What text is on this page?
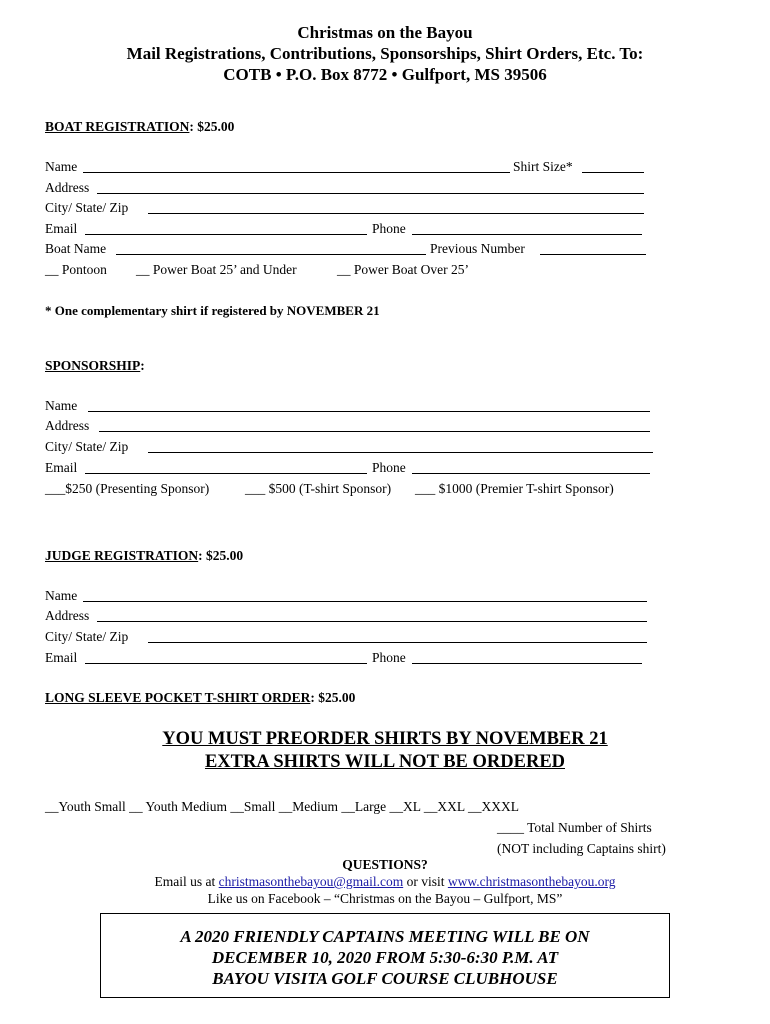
Christmas on the Bayou
Mail Registrations, Contributions, Sponsorships, Shirt Orders, Etc. To:
COTB • P.O. Box 8772 • Gulfport, MS 39506
BOAT REGISTRATION: $25.00
Name	Shirt Size*
Address
City/ State/ Zip
Email	Phone
Boat Name	Previous Number
__ Pontoon __ Power Boat 25’ and Under	__ Power Boat Over 25’
* One complementary shirt if registered by NOVEMBER 21
SPONSORSHIP:
Name
Address
City/ State/ Zip
Email	Phone
___$250 (Presenting Sponsor)	___ $500 (T-shirt Sponsor) ___ $1000 (Premier T-shirt Sponsor)
JUDGE REGISTRATION: $25.00
Name
Address
City/ State/ Zip
Email	Phone
LONG SLEEVE POCKET T-SHIRT ORDER: $25.00
YOU MUST PREORDER SHIRTS BY NOVEMBER 21
EXTRA SHIRTS WILL NOT BE ORDERED
__Youth Small __ Youth Medium __Small __Medium __Large __XL __XXL __XXXL
____ Total Number of Shirts
(NOT including Captains shirt)
QUESTIONS?
Email us at christmasonthebayou@gmail.com or visit www.christmasonthebayou.org
Like us on Facebook – “Christmas on the Bayou – Gulfport, MS”
A 2020 FRIENDLY CAPTAINS MEETING WILL BE ON
DECEMBER 10, 2020 FROM 5:30-6:30 P.M. AT
BAYOU VISITA GOLF COURSE CLUBHOUSE
